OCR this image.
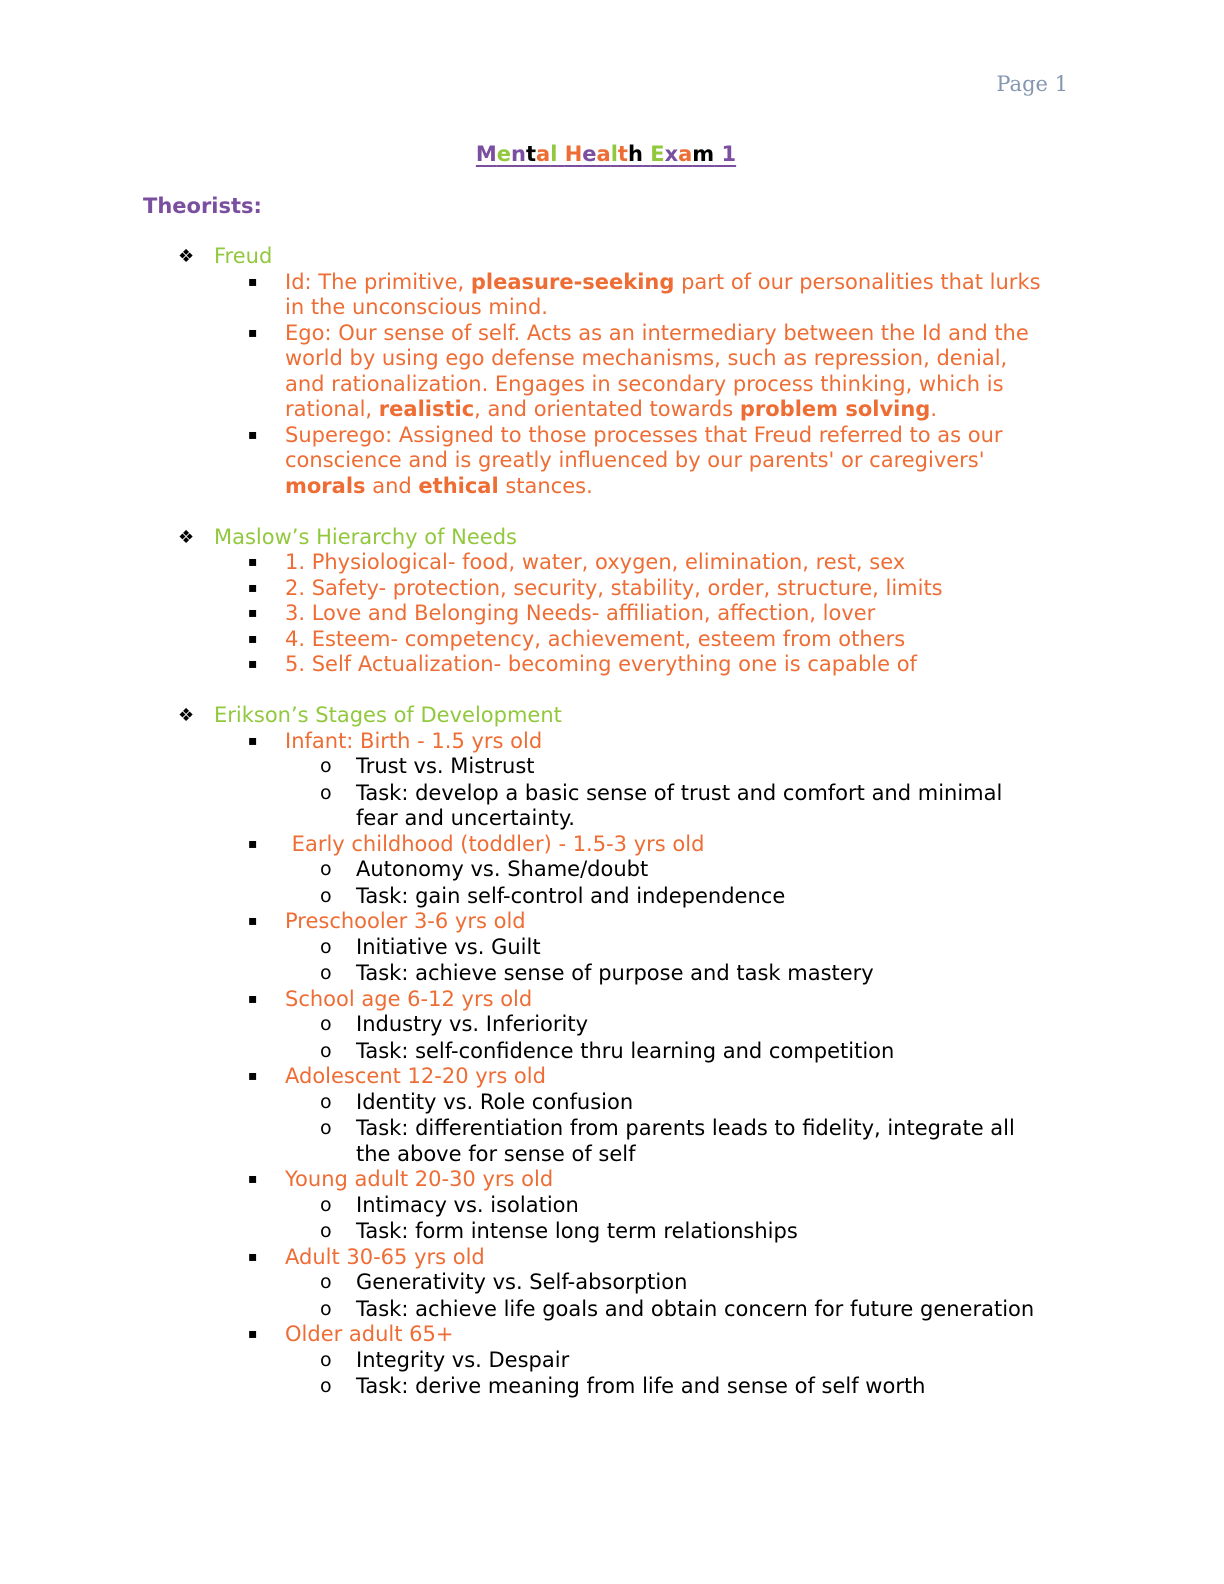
Page 1
Mental Health Exam 1
Theorists:
❖ Freud
▪ Id: The primitive, pleasure-seeking part of our personalities that lurks
in the unconscious mind.
▪ Ego: Our sense of self. Acts as an intermediary between the Id and the
world by using ego defense mechanisms, such as repression, denial,
and rationalization. Engages in secondary process thinking, which is
rational, realistic, and orientated towards problem solving.
▪ Superego: Assigned to those processes that Freud referred to as our
conscience and is greatly influenced by our parents' or caregivers'
morals and ethical stances.
❖ Maslow’s Hierarchy of Needs
▪ 1. Physiological- food, water, oxygen, elimination, rest, sex
▪ 2. Safety- protection, security, stability, order, structure, limits
▪ 3. Love and Belonging Needs- affiliation, affection, lover
▪ 4. Esteem- competency, achievement, esteem from others
▪ 5. Self Actualization- becoming everything one is capable of
❖ Erikson’s Stages of Development
▪ Infant: Birth - 1.5 yrs old
o Trust vs. Mistrust
o Task: develop a basic sense of trust and comfort and minimal
fear and uncertainty.
▪ Early childhood (toddler) - 1.5-3 yrs old
o Autonomy vs. Shame/doubt
o Task: gain self-control and independence
▪ Preschooler 3-6 yrs old
o Initiative vs. Guilt
o Task: achieve sense of purpose and task mastery
▪ School age 6-12 yrs old
o Industry vs. Inferiority
o Task: self-confidence thru learning and competition
▪ Adolescent 12-20 yrs old
o Identity vs. Role confusion
o Task: differentiation from parents leads to fidelity, integrate all
the above for sense of self
▪ Young adult 20-30 yrs old
o Intimacy vs. isolation
o Task: form intense long term relationships
▪ Adult 30-65 yrs old
o Generativity vs. Self-absorption
o Task: achieve life goals and obtain concern for future generation
▪ Older adult 65+
o Integrity vs. Despair
o Task: derive meaning from life and sense of self worth
